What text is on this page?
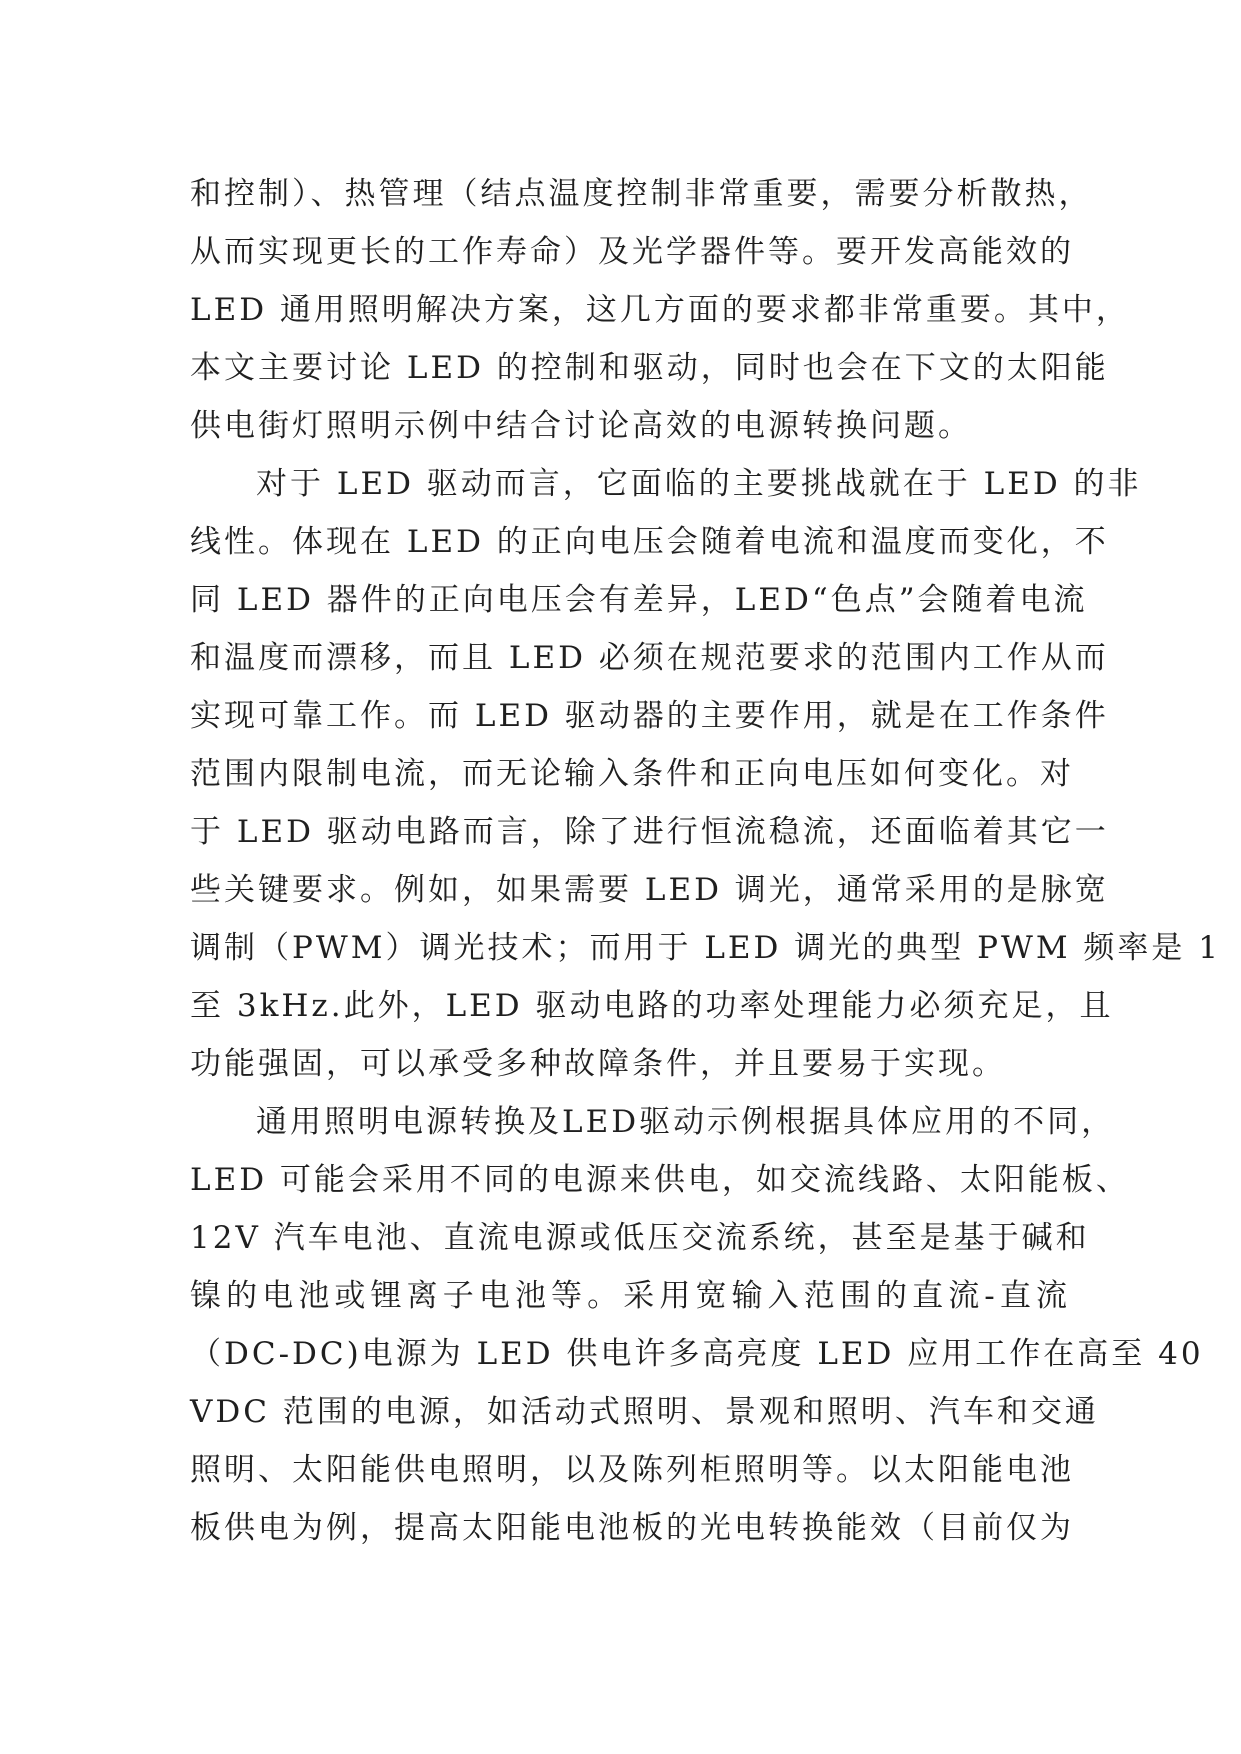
和控制）、热管理（结点温度控制非常重要，需要分析散热，
从而实现更长的工作寿命）及光学器件等。要开发高能效的
LED 通用照明解决方案，这几方面的要求都非常重要。其中，
本文主要讨论 LED 的控制和驱动，同时也会在下文的太阳能
供电街灯照明示例中结合讨论高效的电源转换问题。
对于 LED 驱动而言，它面临的主要挑战就在于 LED 的非
线性。体现在 LED 的正向电压会随着电流和温度而变化，不
同 LED 器件的正向电压会有差异，LED“色点”会随着电流
和温度而漂移，而且 LED 必须在规范要求的范围内工作从而
实现可靠工作。而 LED 驱动器的主要作用，就是在工作条件
范围内限制电流，而无论输入条件和正向电压如何变化。对
于 LED 驱动电路而言，除了进行恒流稳流，还面临着其它一
些关键要求。例如，如果需要 LED 调光，通常采用的是脉宽
调制（PWM）调光技术；而用于 LED 调光的典型 PWM 频率是 1
至 3kHz.此外，LED 驱动电路的功率处理能力必须充足，且
功能强固，可以承受多种故障条件，并且要易于实现。
通用照明电源转换及LED驱动示例根据具体应用的不同，
LED 可能会采用不同的电源来供电，如交流线路、太阳能板、
12V 汽车电池、直流电源或低压交流系统，甚至是基于碱和
镍的电池或锂离子电池等。采用宽输入范围的直流-直流
（DC-DC)电源为 LED 供电许多高亮度 LED 应用工作在高至 40
VDC 范围的电源，如活动式照明、景观和照明、汽车和交通
照明、太阳能供电照明，以及陈列柜照明等。以太阳能电池
板供电为例，提高太阳能电池板的光电转换能效（目前仅为
